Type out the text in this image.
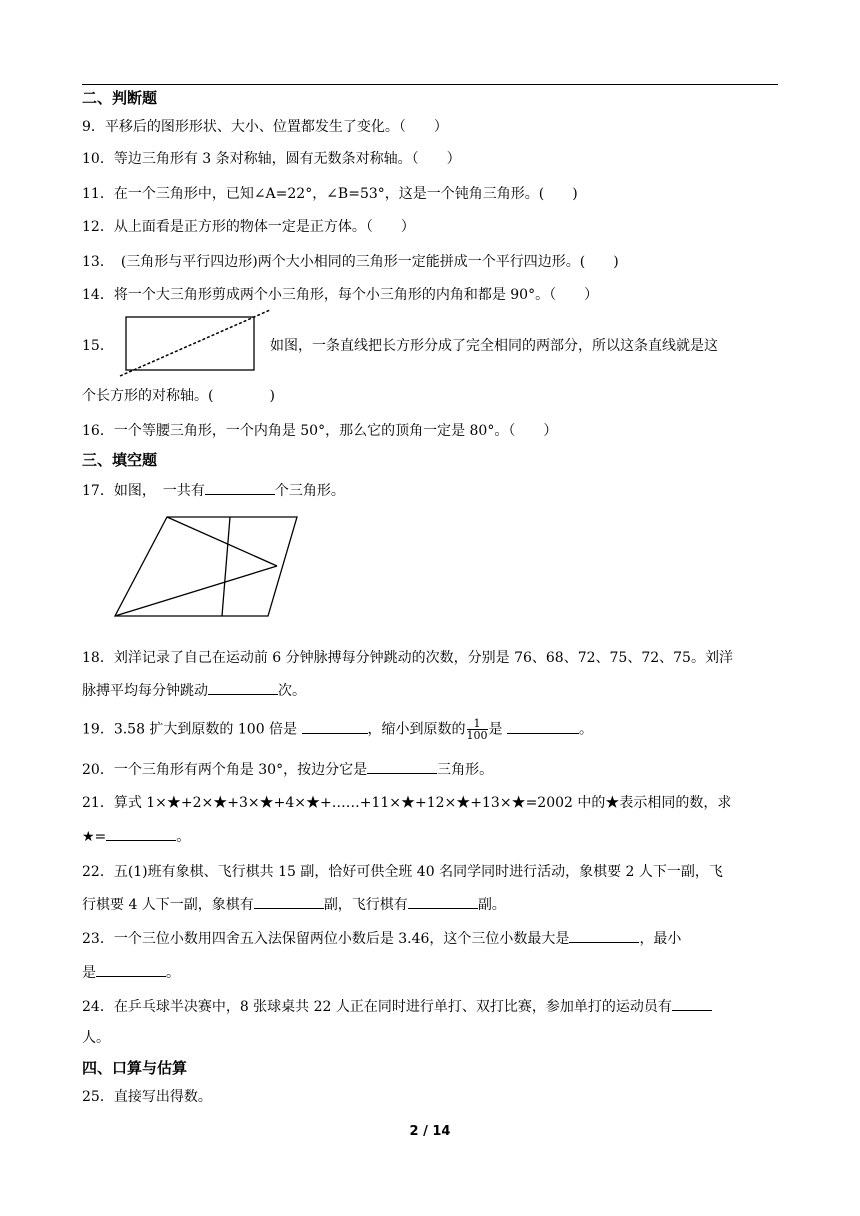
二、判断题
9．平移后的图形形状、大小、位置都发生了变化。（　　）
10．等边三角形有 3 条对称轴，圆有无数条对称轴。（　　）
11．在一个三角形中，已知∠A=22°，∠B=53°，这是一个钝角三角形。(　　)
12．从上面看是正方形的物体一定是正方体。（　　）
13．　(三角形与平行四边形)两个大小相同的三角形一定能拼成一个平行四边形。(　　)
14．将一个大三角形剪成两个小三角形，每个小三角形的内角和都是 90°。（　　）
15．	如图，一条直线把长方形分成了完全相同的两部分，所以这条直线就是这
个长方形的对称轴。(　　　　)
16．一个等腰三角形，一个内角是 50°，那么它的顶角一定是 80°。（　　）
三、填空题
17．如图，　一共有	个三角形。
18．刘洋记录了自己在运动前 6 分钟脉搏每分钟跳动的次数，分别是 76、68、72、75、72、75。刘洋
脉搏平均每分钟跳动	次。
19．3.58 扩大到原数的 100 倍是	，缩小到原数的 $\frac{1}{100}$ 是	。
20．一个三角形有两个角是 30°，按边分它是	三角形。
21．算式 1×★+2×★+3×★+4×★+……+11×★+12×★+13×★=2002 中的★表示相同的数，求
★=	。
22．五(1)班有象棋、飞行棋共 15 副，恰好可供全班 40 名同学同时进行活动，象棋要 2 人下一副，飞
行棋要 4 人下一副，象棋有	副，飞行棋有	副。
23．一个三位小数用四舍五入法保留两位小数后是 3.46，这个三位小数最大是	，最小
是	。
24．在乒乓球半决赛中，8 张球桌共 22 人正在同时进行单打、双打比赛，参加单打的运动员有
人。
四、口算与估算
25．直接写出得数。
2 / 14
